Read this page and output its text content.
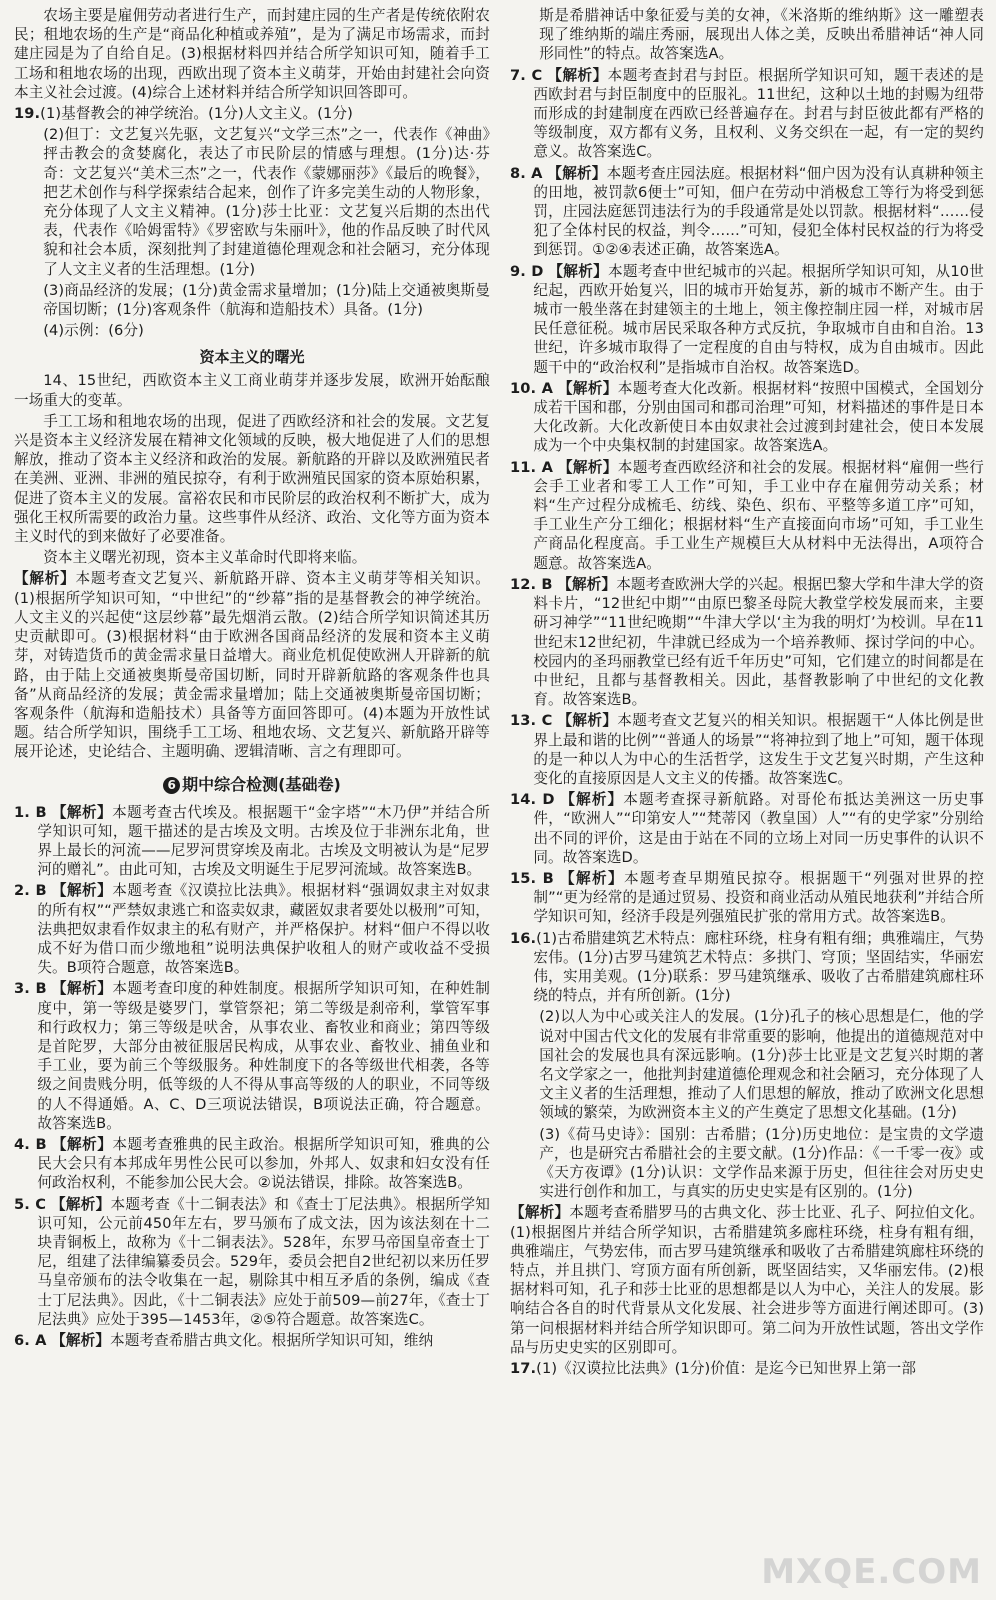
农场主要是雇佣劳动者进行生产，而封建庄园的生产者是传统依附农民；租地农场的生产是“商品化种植或养殖”，是为了满足市场需求，而封建庄园是为了自给自足。(3)根据材料四并结合所学知识可知，随着手工工场和租地农场的出现，西欧出现了资本主义萌芽，开始由封建社会向资本主义社会过渡。(4)综合上述材料并结合所学知识回答即可。

19.(1)基督教会的神学统治。(1分)人文主义。(1分)

(2)但丁：文艺复兴先驱，文艺复兴“文学三杰”之一，代表作《神曲》抨击教会的贪婪腐化，表达了市民阶层的情感与理想。(1分)达·芬奇：文艺复兴“美术三杰”之一，代表作《蒙娜丽莎》《最后的晚餐》，把艺术创作与科学探索结合起来，创作了许多完美生动的人物形象，充分体现了人文主义精神。(1分)莎士比亚：文艺复兴后期的杰出代表，代表作《哈姆雷特》《罗密欧与朱丽叶》，他的作品反映了时代风貌和社会本质，深刻批判了封建道德伦理观念和社会陋习，充分体现了人文主义者的生活理想。(1分)

(3)商品经济的发展；(1分)黄金需求量增加；(1分)陆上交通被奥斯曼帝国切断；(1分)客观条件（航海和造船技术）具备。(1分)

(4)示例：(6分)

资本主义的曙光

14、15世纪，西欧资本主义工商业萌芽并逐步发展，欧洲开始酝酿一场重大的变革。

手工工场和租地农场的出现，促进了西欧经济和社会的发展。文艺复兴是资本主义经济发展在精神文化领域的反映，极大地促进了人们的思想解放，推动了资本主义经济和政治的发展。新航路的开辟以及欧洲殖民者在美洲、亚洲、非洲的殖民掠夺，有利于欧洲殖民国家的资本原始积累，促进了资本主义的发展。富裕农民和市民阶层的政治权利不断扩大，成为强化王权所需要的政治力量。这些事件从经济、政治、文化等方面为资本主义时代的到来做好了必要准备。

资本主义曙光初现，资本主义革命时代即将来临。

【解析】本题考查文艺复兴、新航路开辟、资本主义萌芽等相关知识。(1)根据所学知识可知，“中世纪”的“纱幕”指的是基督教会的神学统治。人文主义的兴起使“这层纱幕”最先烟消云散。(2)结合所学知识简述其历史贡献即可。(3)根据材料“由于欧洲各国商品经济的发展和资本主义萌芽，对铸造货币的黄金需求量日益增大。商业危机促使欧洲人开辟新的航路，由于陆上交通被奥斯曼帝国切断，同时开辟新航路的客观条件也具备”从商品经济的发展；黄金需求量增加；陆上交通被奥斯曼帝国切断；客观条件（航海和造船技术）具备等方面回答即可。(4)本题为开放性试题。结合所学知识，围绕手工工场、租地农场、文艺复兴、新航路开辟等展开论述，史论结合、主题明确、逻辑清晰、言之有理即可。

6 期中综合检测(基础卷)

1. B 【解析】本题考查古代埃及。根据题干“金字塔”“木乃伊”并结合所学知识可知，题干描述的是古埃及文明。古埃及位于非洲东北角，世界上最长的河流——尼罗河贯穿埃及南北。古埃及文明被认为是“尼罗河的赠礼”。由此可知，古埃及文明诞生于尼罗河流域。故答案选B。

2. B 【解析】本题考查《汉谟拉比法典》。根据材料“强调奴隶主对奴隶的所有权”“严禁奴隶逃亡和盗卖奴隶，藏匿奴隶者要处以极刑”可知，法典把奴隶看作奴隶主的私有财产，并严格保护。材料“佃户不得以收成不好为借口而少缴地租”说明法典保护收租人的财产或收益不受损失。B项符合题意，故答案选B。

3. B 【解析】本题考查印度的种姓制度。根据所学知识可知，在种姓制度中，第一等级是婆罗门，掌管祭祀；第二等级是刹帝利，掌管军事和行政权力；第三等级是吠舍，从事农业、畜牧业和商业；第四等级是首陀罗，大部分由被征服居民构成，从事农业、畜牧业、捕鱼业和手工业，要为前三个等级服务。种姓制度下的各等级世代相袭，各等级之间贵贱分明，低等级的人不得从事高等级的人的职业，不同等级的人不得通婚。A、C、D三项说法错误，B项说法正确，符合题意。故答案选B。

4. B 【解析】本题考查雅典的民主政治。根据所学知识可知，雅典的公民大会只有本邦成年男性公民可以参加，外邦人、奴隶和妇女没有任何政治权利，不能参加公民大会。②说法错误，排除。故答案选B。

5. C 【解析】本题考查《十二铜表法》和《查士丁尼法典》。根据所学知识可知，公元前450年左右，罗马颁布了成文法，因为该法刻在十二块青铜板上，故称为《十二铜表法》。528年，东罗马帝国皇帝查士丁尼，组建了法律编纂委员会。529年，委员会把自2世纪初以来历任罗马皇帝颁布的法令收集在一起，剔除其中相互矛盾的条例，编成《查士丁尼法典》。因此，《十二铜表法》应处于前509—前27年，《查士丁尼法典》应处于395—1453年，②⑤符合题意。故答案选C。

6. A 【解析】本题考查希腊古典文化。根据所学知识可知，维纳

斯是希腊神话中象征爱与美的女神，《米洛斯的维纳斯》这一雕塑表现了维纳斯的端庄秀丽，展现出人体之美，反映出希腊神话“神人同形同性”的特点。故答案选A。

7. C 【解析】本题考查封君与封臣。根据所学知识可知，题干表述的是西欧封君与封臣制度中的臣服礼。11世纪，这种以土地的封赐为纽带而形成的封建制度在西欧已经普遍存在。封君与封臣彼此都有严格的等级制度，双方都有义务，且权利、义务交织在一起，有一定的契约意义。故答案选C。

8. A 【解析】本题考查庄园法庭。根据材料“佃户因为没有认真耕种领主的田地，被罚款6便士”可知，佃户在劳动中消极怠工等行为将受到惩罚，庄园法庭惩罚违法行为的手段通常是处以罚款。根据材料“……侵犯了全体村民的权益，判令……”可知，侵犯全体村民权益的行为将受到惩罚。①②④表述正确，故答案选A。

9. D 【解析】本题考查中世纪城市的兴起。根据所学知识可知，从10世纪起，西欧开始复兴，旧的城市开始复苏，新的城市不断产生。由于城市一般坐落在封建领主的土地上，领主像控制庄园一样，对城市居民任意征税。城市居民采取各种方式反抗，争取城市自由和自治。13世纪，许多城市取得了一定程度的自由与特权，成为自由城市。因此题干中的“政治权利”是指城市自治权。故答案选D。

10. A 【解析】本题考查大化改新。根据材料“按照中国模式，全国划分成若干国和郡，分别由国司和郡司治理”可知，材料描述的事件是日本大化改新。大化改新使日本由奴隶社会过渡到封建社会，使日本发展成为一个中央集权制的封建国家。故答案选A。

11. A 【解析】本题考查西欧经济和社会的发展。根据材料“雇佣一些行会手工业者和零工人工作”可知，手工业中存在雇佣劳动关系；材料“生产过程分成梳毛、纺线、染色、织布、平整等多道工序”可知，手工业生产分工细化；根据材料“生产直接面向市场”可知，手工业生产商品化程度高。手工业生产规模巨大从材料中无法得出，A项符合题意。故答案选A。

12. B 【解析】本题考查欧洲大学的兴起。根据巴黎大学和牛津大学的资料卡片，“12世纪中期”“由原巴黎圣母院大教堂学校发展而来，主要研习神学”“11世纪晚期”“牛津大学以‘主为我的明灯’为校训。早在11世纪末12世纪初，牛津就已经成为一个培养教师、探讨学问的中心。校园内的圣玛丽教堂已经有近千年历史”可知，它们建立的时间都是在中世纪，且都与基督教相关。因此，基督教影响了中世纪的文化教育。故答案选B。

13. C 【解析】本题考查文艺复兴的相关知识。根据题干“人体比例是世界上最和谐的比例”“普通人的场景”“将神拉到了地上”可知，题干体现的是一种以人为中心的生活哲学，这发生于文艺复兴时期，产生这种变化的直接原因是人文主义的传播。故答案选C。

14. D 【解析】本题考查探寻新航路。对哥伦布抵达美洲这一历史事件，“欧洲人”“印第安人”“梵蒂冈（教皇国）人”“有的史学家”分别给出不同的评价，这是由于站在不同的立场上对同一历史事件的认识不同。故答案选D。

15. B 【解析】本题考查早期殖民掠夺。根据题干“列强对世界的控制”“更为经常的是通过贸易、投资和商业活动从殖民地获利”并结合所学知识可知，经济手段是列强殖民扩张的常用方式。故答案选B。

16.(1)古希腊建筑艺术特点：廊柱环绕，柱身有粗有细；典雅端庄，气势宏伟。(1分)古罗马建筑艺术特点：多拱门、穹顶；坚固结实，华丽宏伟，实用美观。(1分)联系：罗马建筑继承、吸收了古希腊建筑廊柱环绕的特点，并有所创新。(1分)

(2)以人为中心或关注人的发展。(1分)孔子的核心思想是仁，他的学说对中国古代文化的发展有非常重要的影响，他提出的道德规范对中国社会的发展也具有深远影响。(1分)莎士比亚是文艺复兴时期的著名文学家之一，他批判封建道德伦理观念和社会陋习，充分体现了人文主义者的生活理想，推动了人们思想的解放，推动了欧洲文化思想领域的繁荣，为欧洲资本主义的产生奠定了思想文化基础。(1分)

(3)《荷马史诗》：国别：古希腊；(1分)历史地位：是宝贵的文学遗产，也是研究古希腊社会的主要文献。(1分)作品：《一千零一夜》或《天方夜谭》(1分)认识：文学作品来源于历史，但往往会对历史史实进行创作和加工，与真实的历史史实是有区别的。(1分)

【解析】本题考查希腊罗马的古典文化、莎士比亚、孔子、阿拉伯文化。(1)根据图片并结合所学知识，古希腊建筑多廊柱环绕，柱身有粗有细，典雅端庄，气势宏伟，而古罗马建筑继承和吸收了古希腊建筑廊柱环绕的特点，并且拱门、穹顶方面有所创新，既坚固结实，又华丽宏伟。(2)根据材料可知，孔子和莎士比亚的思想都是以人为中心，关注人的发展。影响结合各自的时代背景从文化发展、社会进步等方面进行阐述即可。(3)第一问根据材料并结合所学知识即可。第二问为开放性试题，答出文学作品与历史史实的区别即可。

17.(1)《汉谟拉比法典》(1分)价值：是迄今已知世界上第一部

MXQE.COM
